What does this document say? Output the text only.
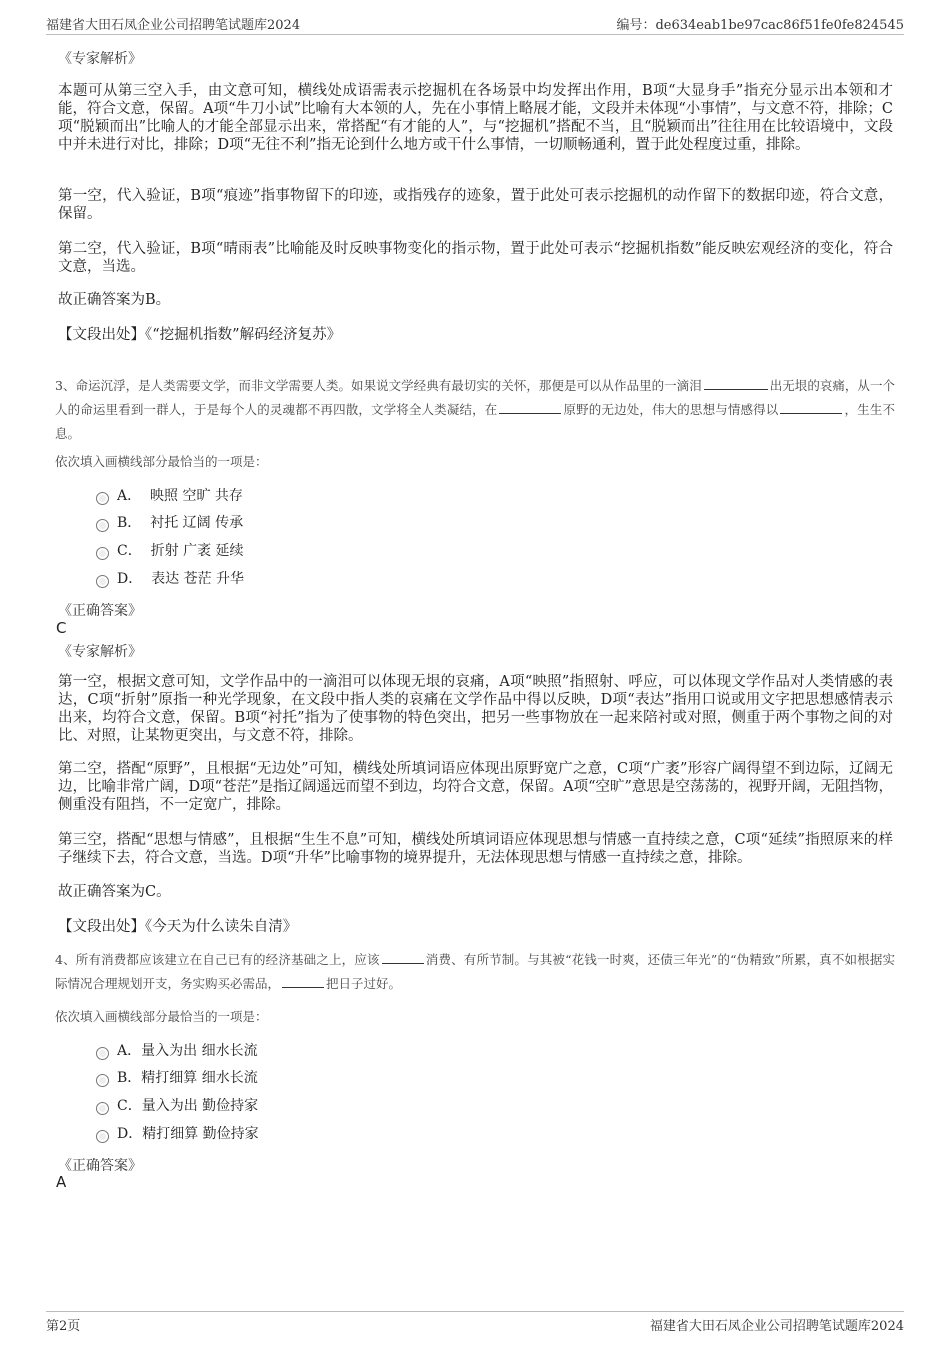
福建省大田石凤企业公司招聘笔试题库2024	编号：de634eab1be97cac86f51fe0fe824545
《专家解析》
本题可从第三空入手，由文意可知，横线处成语需表示挖掘机在各场景中均发挥出作用，B项“大显身手”指充分显示出本领和才能，符合文意，保留。A项“牛刀小试”比喻有大本领的人，先在小事情上略展才能，文段并未体现“小事情”，与文意不符，排除；C项“脱颖而出”比喻人的才能全部显示出来，常搭配“有才能的人”，与“挖掘机”搭配不当，且“脱颖而出”往往用在比较语境中，文段中并未进行对比，排除；D项“无往不利”指无论到什么地方或干什么事情，一切顺畅通利，置于此处程度过重，排除。
第一空，代入验证，B项“痕迹”指事物留下的印迹，或指残存的迹象，置于此处可表示挖掘机的动作留下的数据印迹，符合文意，保留。
第二空，代入验证，B项“晴雨表”比喻能及时反映事物变化的指示物，置于此处可表示“挖掘机指数”能反映宏观经济的变化，符合文意，当选。
故正确答案为B。
【文段出处】《“挖掘机指数”解码经济复苏》
3、命运沉浮，是人类需要文学，而非文学需要人类。如果说文学经典有最切实的关怀，那便是可以从作品里的一滴泪	出无垠的哀痛，从一个人的命运里看到一群人，于是每个人的灵魂都不再四散，文学将全人类凝结，在	原野的无边处，伟大的思想与情感得以	，生生不息。
依次填入画横线部分最恰当的一项是：
A． 映照 空旷 共存
B． 衬托 辽阔 传承
C． 折射 广袤 延续
D． 表达 苍茫 升华
《正确答案》
C
《专家解析》
第一空，根据文意可知，文学作品中的一滴泪可以体现无垠的哀痛，A项“映照”指照射、呼应，可以体现文学作品对人类情感的表达，C项“折射”原指一种光学现象，在文段中指人类的哀痛在文学作品中得以反映，D项“表达”指用口说或用文字把思想感情表示出来，均符合文意，保留。B项“衬托”指为了使事物的特色突出，把另一些事物放在一起来陪衬或对照，侧重于两个事物之间的对比、对照，让某物更突出，与文意不符，排除。
第二空，搭配“原野”，且根据“无边处”可知，横线处所填词语应体现出原野宽广之意，C项“广袤”形容广阔得望不到边际，辽阔无边，比喻非常广阔，D项“苍茫”是指辽阔遥远而望不到边，均符合文意，保留。A项“空旷”意思是空荡荡的，视野开阔，无阻挡物，侧重没有阻挡，不一定宽广，排除。
第三空，搭配“思想与情感”，且根据“生生不息”可知，横线处所填词语应体现思想与情感一直持续之意，C项“延续”指照原来的样子继续下去，符合文意，当选。D项“升华”比喻事物的境界提升，无法体现思想与情感一直持续之意，排除。
故正确答案为C。
【文段出处】《今天为什么读朱自清》
4、所有消费都应该建立在自己已有的经济基础之上，应该	消费、有所节制。与其被“花钱一时爽，还债三年光”的“伪精致”所累，真不如根据实际情况合理规划开支，务实购买必需品，	把日子过好。
依次填入画横线部分最恰当的一项是：
A．量入为出 细水长流
B．精打细算 细水长流
C．量入为出 勤俭持家
D．精打细算 勤俭持家
《正确答案》
A
第2页	福建省大田石凤企业公司招聘笔试题库2024
